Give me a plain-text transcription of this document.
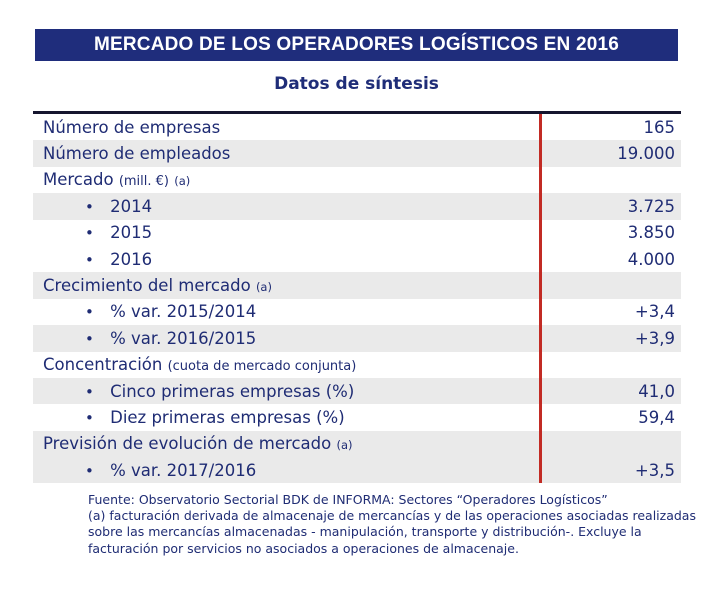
MERCADO DE LOS OPERADORES LOGÍSTICOS EN 2016
Datos de síntesis
Número de empresas	165
Número de empleados	19.000
Mercado (mill. €) (a)
• 2014	3.725
• 2015	3.850
• 2016	4.000
Crecimiento del mercado (a)
• % var. 2015/2014	+3,4
• % var. 2016/2015	+3,9
Concentración (cuota de mercado conjunta)
• Cinco primeras empresas (%)	41,0
• Diez primeras empresas (%)	59,4
Previsión de evolución de mercado (a)
• % var. 2017/2016	+3,5
Fuente: Observatorio Sectorial BDK de INFORMA: Sectores “Operadores Logísticos”
(a) facturación derivada de almacenaje de mercancías y de las operaciones asociadas realizadas
sobre las mercancías almacenadas - manipulación, transporte y distribución-. Excluye la
facturación por servicios no asociados a operaciones de almacenaje.
